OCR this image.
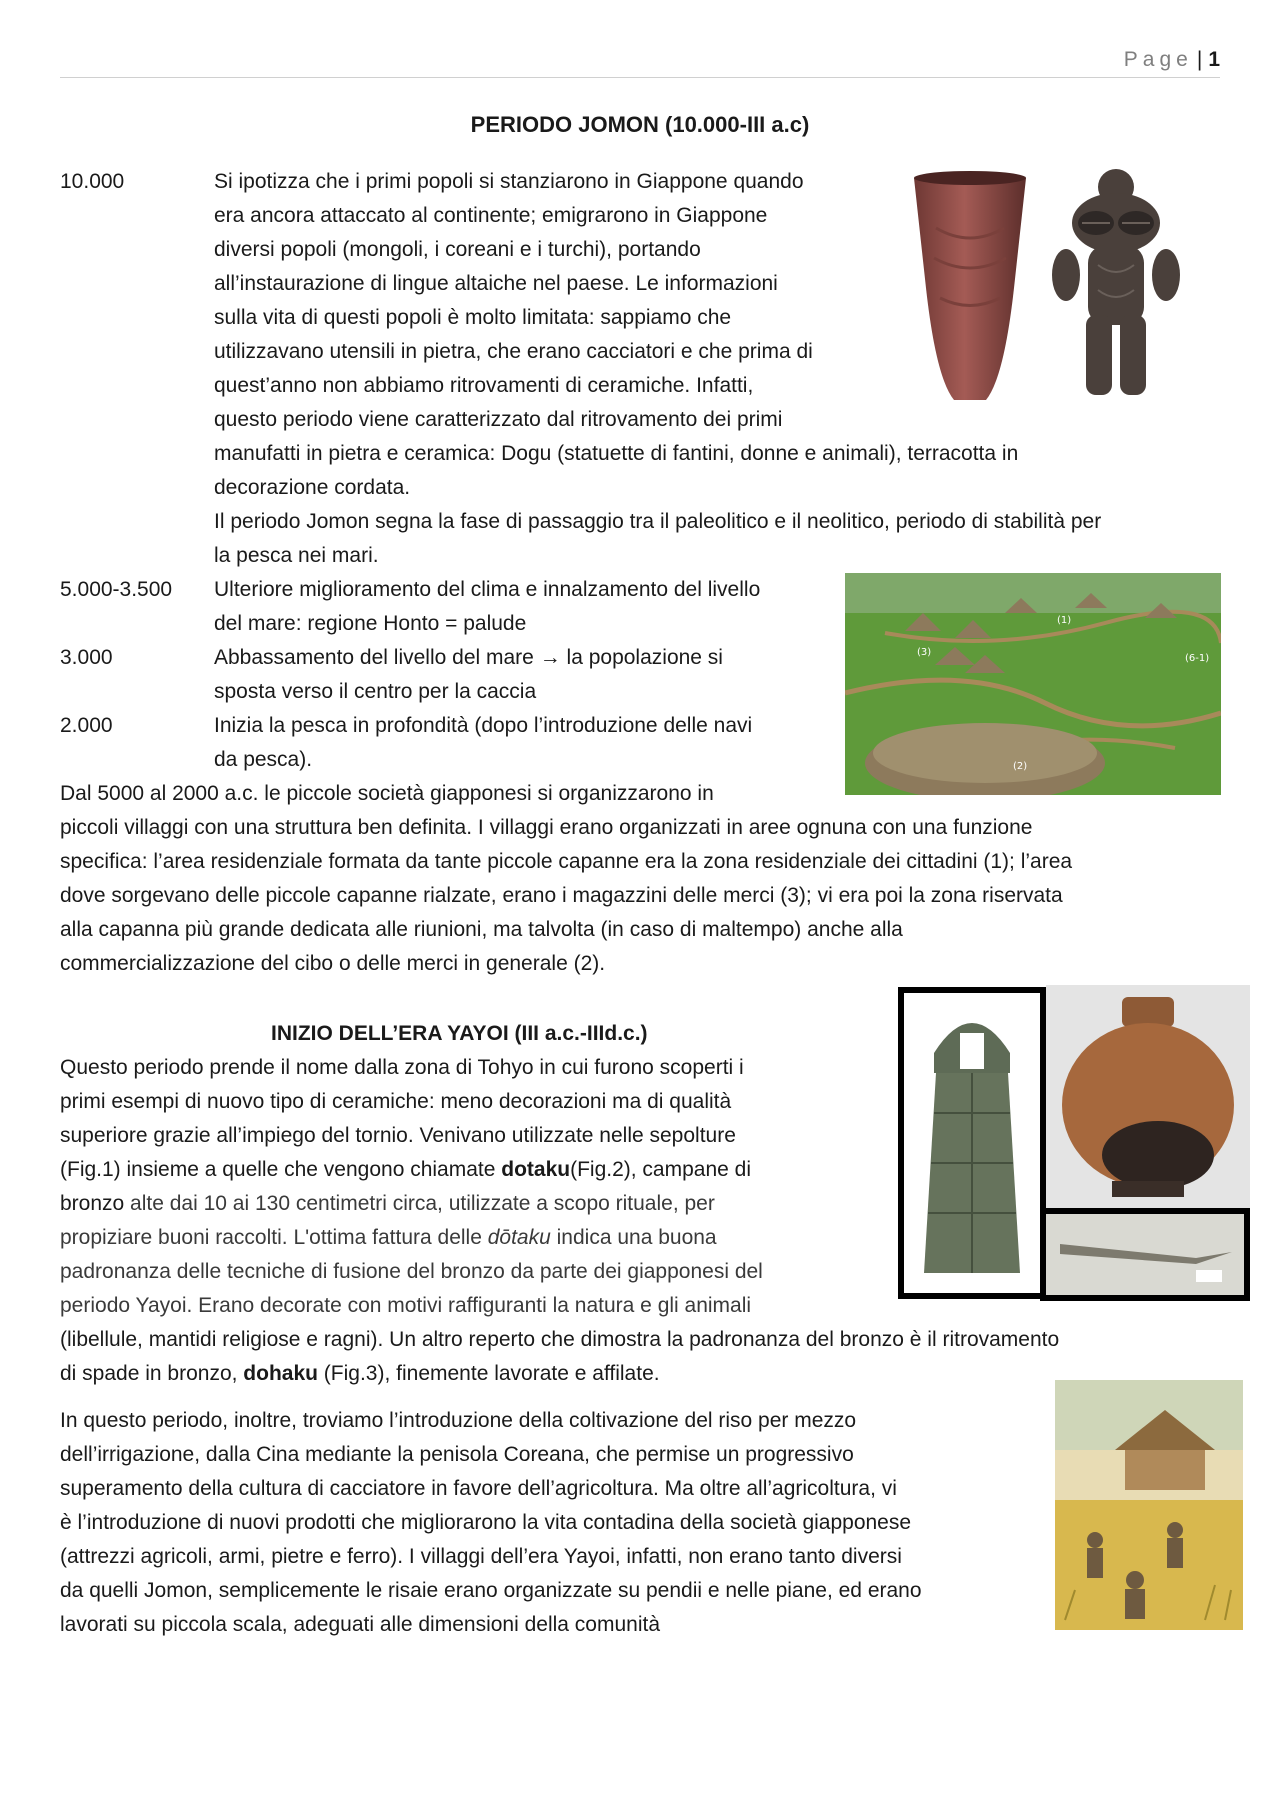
Page | 1
PERIODO JOMON (10.000-III a.c)
10.000	Si ipotizza che i primi popoli si stanziarono in Giappone quando
era ancora attaccato al continente; emigrarono in Giappone
diversi popoli (mongoli, i coreani e i turchi), portando
all’instaurazione di lingue altaiche nel paese. Le informazioni
sulla vita di questi popoli è molto limitata: sappiamo che
utilizzavano utensili in pietra, che erano cacciatori e che prima di
quest’anno non abbiamo ritrovamenti di ceramiche. Infatti,
questo periodo viene caratterizzato dal ritrovamento dei primi
manufatti in pietra e ceramica: Dogu (statuette di fantini, donne e animali), terracotta in
decorazione cordata.
Il periodo Jomon segna la fase di passaggio tra il paleolitico e il neolitico, periodo di stabilità per
la pesca nei mari.
5.000-3.500 Ulteriore miglioramento del clima e innalzamento del livello
del mare: regione Honto = palude
3.000	Abbassamento del livello del mare → la popolazione si
sposta verso il centro per la caccia
2.000	Inizia la pesca in profondità (dopo l’introduzione delle navi
da pesca).
(1)
(2)
(3)
(6-1)
Dal 5000 al 2000 a.c. le piccole società giapponesi si organizzarono in
piccoli villaggi con una struttura ben definita. I villaggi erano organizzati in aree ognuna con una funzione
specifica: l’area residenziale formata da tante piccole capanne era la zona residenziale dei cittadini (1); l’area
dove sorgevano delle piccole capanne rialzate, erano i magazzini delle merci (3); vi era poi la zona riservata
alla capanna più grande dedicata alle riunioni, ma talvolta (in caso di maltempo) anche alla
commercializzazione del cibo o delle merci in generale (2).
INIZIO DELL’ERA YAYOI (III a.c.-IIId.c.)
Questo periodo prende il nome dalla zona di Tohyo in cui furono scoperti i
primi esempi di nuovo tipo di ceramiche: meno decorazioni ma di qualità
superiore grazie all’impiego del tornio. Venivano utilizzate nelle sepolture
(Fig.1) insieme a quelle che vengono chiamate dotaku(Fig.2), campane di
bronzo alte dai 10 ai 130 centimetri circa, utilizzate a scopo rituale, per
propiziare buoni raccolti. L'ottima fattura delle dōtaku indica una buona
padronanza delle tecniche di fusione del bronzo da parte dei giapponesi del
periodo Yayoi. Erano decorate con motivi raffiguranti la natura e gli animali
(libellule, mantidi religiose e ragni). Un altro reperto che dimostra la padronanza del bronzo è il ritrovamento
di spade in bronzo, dohaku (Fig.3), finemente lavorate e affilate.
In questo periodo, inoltre, troviamo l’introduzione della coltivazione del riso per mezzo
dell’irrigazione, dalla Cina mediante la penisola Coreana, che permise un progressivo
superamento della cultura di cacciatore in favore dell’agricoltura. Ma oltre all’agricoltura, vi
è l’introduzione di nuovi prodotti che migliorarono la vita contadina della società giapponese
(attrezzi agricoli, armi, pietre e ferro). I villaggi dell’era Yayoi, infatti, non erano tanto diversi
da quelli Jomon, semplicemente le risaie erano organizzate su pendii e nelle piane, ed erano
lavorati su piccola scala, adeguati alle dimensioni della comunità
